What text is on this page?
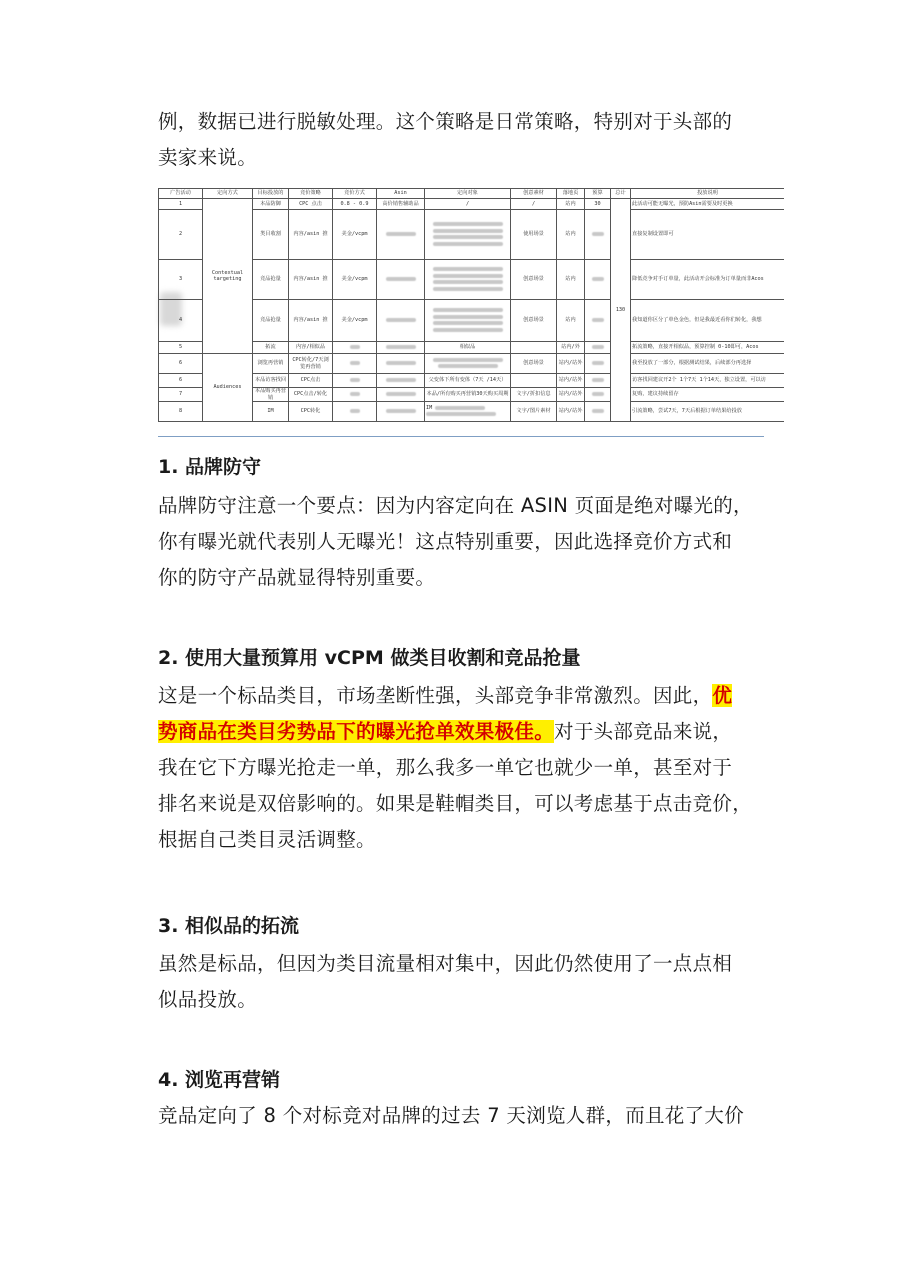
例，数据已进行脱敏处理。这个策略是日常策略，特别对于头部的
卖家来说。
广告活动	定向方式	目标投放的	竞价策略	竞价方式	Asin	定向对象	创意素材	落地页	预算	总计	投放说明
1	Contextual targeting	本品防御	CPC 点击	0.8 - 0.9	高价销售辅助品	/	/	站内	30	130	此活动可能无曝光，预防Asin需要及时更换
2		类目收割	内容/asin 推	美金/vcpm			使用场景	站内			直接复制设置即可
3		竞品抢量	内容/asin 推	美金/vcpm			创意场景	站内			降低竞争对手订单量，此活动开会标准为订单量而非Acos
4		竞品抢量	内容/asin 推	美金/vcpm			创意场景	站内			我知道你区分了单色金色，但是我最近看你们转化，我想
5		拓流	内容/相似品			相似品		站内/外			拓流策略，直接开相似品，预算控制 0-10即可，Acos
6	Audiences	浏览再营销	CPC转化/7天浏览再营销				创意场景	站内/站外			我至投放了一部分，根据测试结果，后续部分再选择
6		本品访客找回	CPC点击			父变体下所有变体（7天 /14天）		站内/站外			访客找回建议开2个 1个7天 1个14天，独立设置，可以访
7		本品购买再营销	CPC点击/转化			本品/所有购买再营销30天购买周期	文字/折扣信息	站内/站外			复购，建议持续留存
8		IM	CPC转化			IM	文字/图片素材	站内/站外			引流策略，尝试7天，7天后根据订单结果给投放
1. 品牌防守
品牌防守注意一个要点：因为内容定向在 ASIN 页面是绝对曝光的，
你有曝光就代表别人无曝光！这点特别重要，因此选择竞价方式和
你的防守产品就显得特别重要。
2. 使用大量预算用 vCPM 做类目收割和竞品抢量
这是一个标品类目，市场垄断性强，头部竞争非常激烈。因此，优
势商品在类目劣势品下的曝光抢单效果极佳。对于头部竞品来说，
我在它下方曝光抢走一单，那么我多一单它也就少一单，甚至对于
排名来说是双倍影响的。如果是鞋帽类目，可以考虑基于点击竞价，
根据自己类目灵活调整。
3. 相似品的拓流
虽然是标品，但因为类目流量相对集中，因此仍然使用了一点点相
似品投放。
4. 浏览再营销
竞品定向了 8 个对标竞对品牌的过去 7 天浏览人群，而且花了大价
